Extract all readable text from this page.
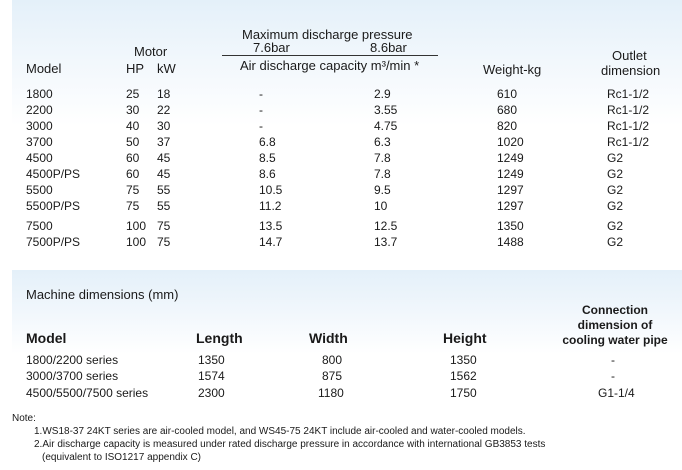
Maximum discharge pressure
7.6bar	8.6bar
Motor	Outlet
Air discharge capacity m³/min *
Model	HP kW	Weight-kg	dimension
1800	25 18	-	2.9	610	Rc1-1/2
2200	30 22	-	3.55	680	Rc1-1/2
3000	40 30	-	4.75	820	Rc1-1/2
3700	50 37	6.8	6.3	1020	Rc1-1/2
4500	60 45	8.5	7.8	1249	G2
4500P/PS	60 45	8.6	7.8	1249	G2
5500	75 55	10.5	9.5	1297	G2
5500P/PS	75 55	11.2	10	1297	G2
7500	100 75	13.5	12.5	1350	G2
7500P/PS	100 75	14.7	13.7	1488	G2
Machine dimensions (mm)
Connection
dimension of
cooling water pipe
Model	Length	Width	Height
1800/2200 series	1350	800	1350	-
3000/3700 series	1574	875	1562	-
4500/5500/7500 series	2300	1180	1750	G1-1/4
Note:
1.WS18-37 24KT series are air-cooled model, and WS45-75 24KT include air-cooled and water-cooled models.
2.Air discharge capacity is measured under rated discharge pressure in accordance with international GB3853 tests
(equivalent to ISO1217 appendix C)
